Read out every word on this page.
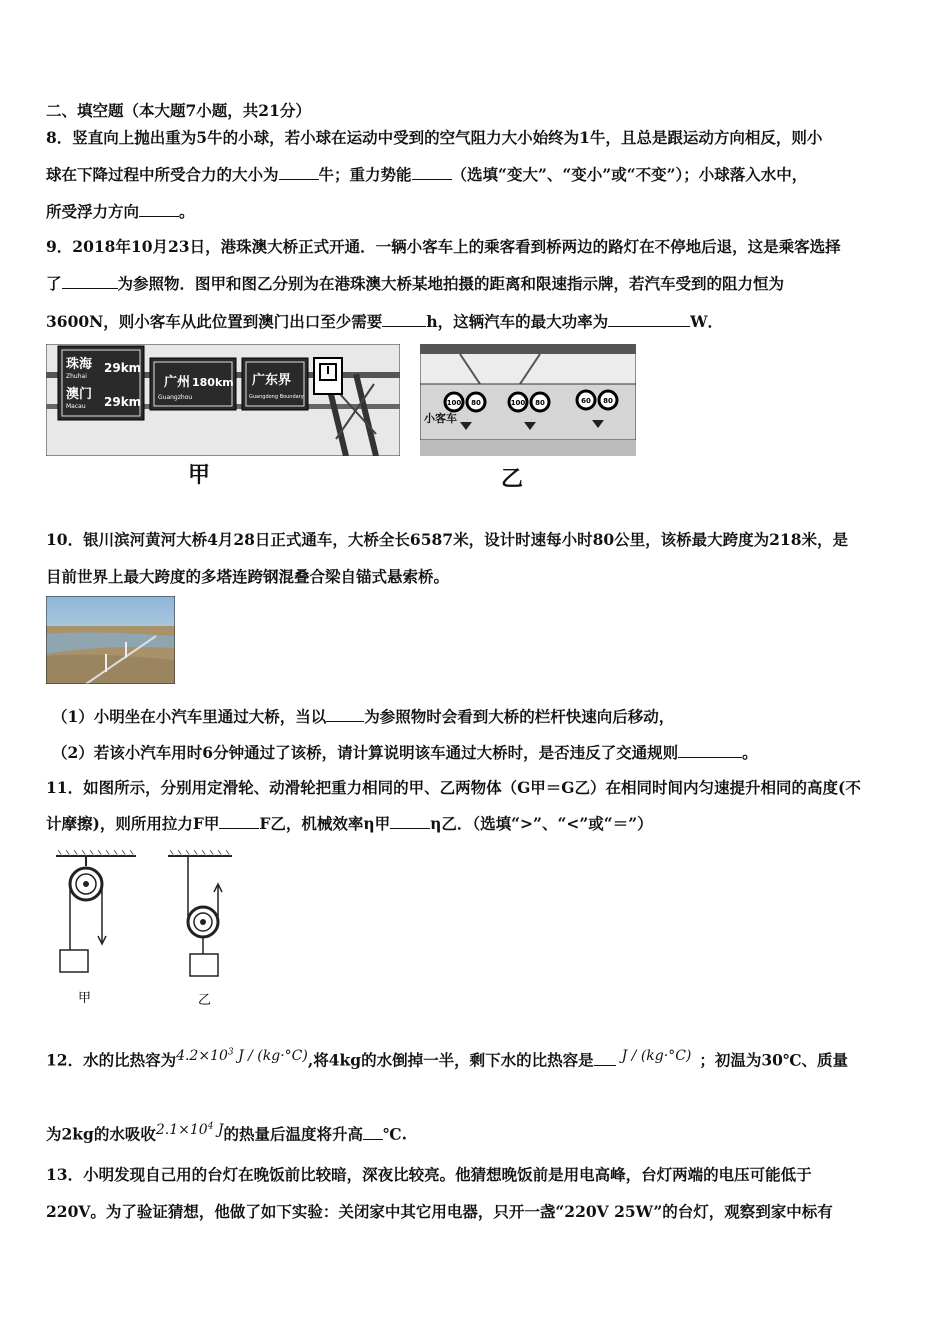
二、填空题（本大题7小题，共21分）
8．竖直向上抛出重为5牛的小球，若小球在运动中受到的空气阻力大小始终为1牛，且总是跟运动方向相反，则小
球在下降过程中所受合力的大小为	牛；重力势能	（选填“变大”、“变小”或“不变”）；小球落入水中，
所受浮力方向	。
9．2018年10月23日，港珠澳大桥正式开通．一辆小客车上的乘客看到桥两边的路灯在不停地后退，这是乘客选择
了	为参照物．图甲和图乙分别为在港珠澳大桥某地拍摄的距离和限速指示牌，若汽车受到的阻力恒为
3600N，则小客车从此位置到澳门出口至少需要	h，这辆汽车的最大功率为	W．
珠海
Zhuhai
29km
澳门
Macau 29km
广州
Guangzhou
180km 广东界
Guangdong Boundary
甲
小客车
100 80	100 80	60 80
乙
10．银川滨河黄河大桥4月28日正式通车，大桥全长6587米，设计时速每小时80公里，该桥最大跨度为218米，是
目前世界上最大跨度的多塔连跨钢混叠合梁自锚式悬索桥。
（1）小明坐在小汽车里通过大桥，当以 为参照物时会看到大桥的栏杆快速向后移动，
（2）若该小汽车用时6分钟通过了该桥，请计算说明该车通过大桥时，是否违反了交通规则	。
11．如图所示，分别用定滑轮、动滑轮把重力相同的甲、乙两物体（G甲＝G乙）在相同时间内匀速提升相同的高度(不
计摩擦)，则所用拉力F甲	F乙，机械效率η甲	η乙．（选填“>”、“<”或“＝”）
甲	乙
12．水的比热容为$4.2\times 10^3$ J / (kg·°C),将4kg的水倒掉一半，剩下水的比热容是 J / (kg·°C) ；初温为30℃、质量
为2kg的水吸收$2.1\times 10^4$ J的热量后温度将升高 ℃.
13．小明发现自己用的台灯在晚饭前比较暗，深夜比较亮。他猜想晚饭前是用电高峰，台灯两端的电压可能低于
220V。为了验证猜想，他做了如下实验：关闭家中其它用电器，只开一盏“220V 25W”的台灯，观察到家中标有
